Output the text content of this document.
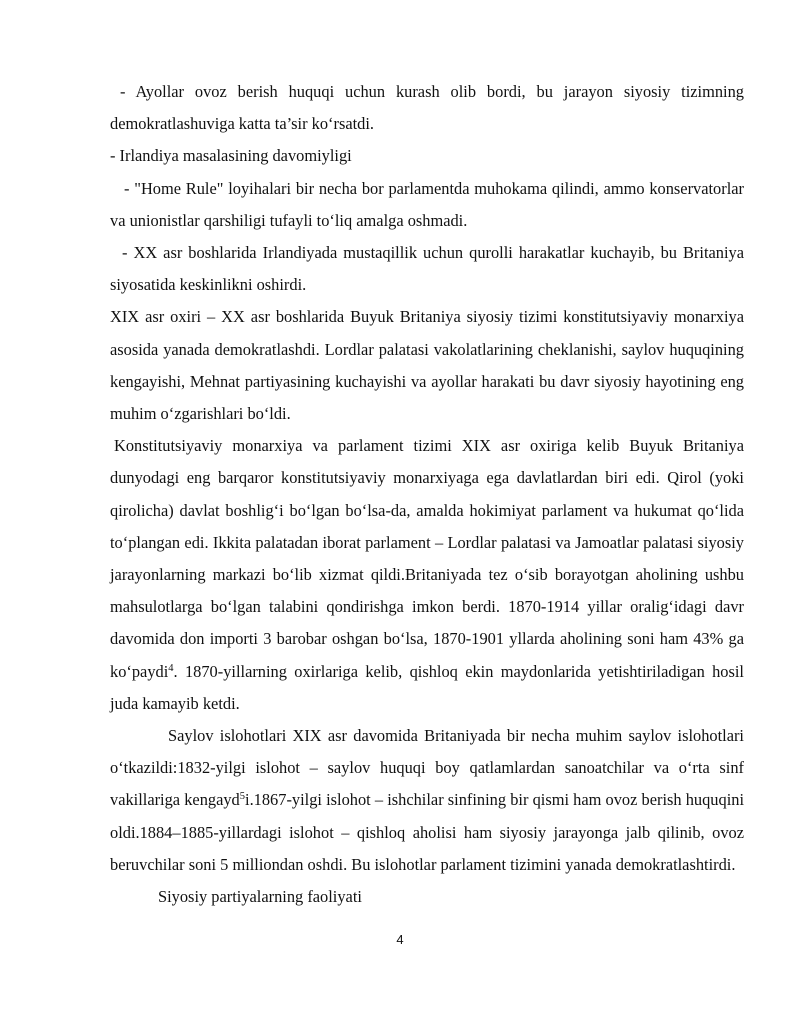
- Ayollar ovoz berish huquqi uchun kurash olib bordi, bu jarayon siyosiy tizimning demokratlashuviga katta ta’sir ko‘rsatdi.

- Irlandiya masalasining davomiyligi

- "Home Rule" loyihalari bir necha bor parlamentda muhokama qilindi, ammo konservatorlar va unionistlar qarshiligi tufayli to‘liq amalga oshmadi.

- XX asr boshlarida Irlandiyada mustaqillik uchun qurolli harakatlar kuchayib, bu Britaniya siyosatida keskinlikni oshirdi.

XIX asr oxiri – XX asr boshlarida Buyuk Britaniya siyosiy tizimi konstitutsiyaviy monarxiya asosida yanada demokratlashdi. Lordlar palatasi vakolatlarining cheklanishi, saylov huquqining kengayishi, Mehnat partiyasining kuchayishi va ayollar harakati bu davr siyosiy hayotining eng muhim o‘zgarishlari bo‘ldi.

Konstitutsiyaviy monarxiya va parlament tizimi XIX asr oxiriga kelib Buyuk Britaniya dunyodagi eng barqaror konstitutsiyaviy monarxiyaga ega davlatlardan biri edi. Qirol (yoki qirolicha) davlat boshlig‘i bo‘lgan bo‘lsa-da, amalda hokimiyat parlament va hukumat qo‘lida to‘plangan edi. Ikkita palatadan iborat parlament – Lordlar palatasi va Jamoatlar palatasi siyosiy jarayonlarning markazi bo‘lib xizmat qildi.Britaniyada tez o‘sib borayotgan aholining ushbu mahsulotlarga bo‘lgan talabini qondirishga imkon berdi. 1870-1914 yillar oralig‘idagi davr davomida don importi 3 barobar oshgan bo‘lsa, 1870-1901 yllarda aholining soni ham 43% ga ko‘paydi$^4$. 1870-yillarning oxirlariga kelib, qishloq ekin maydonlarida yetishtiriladigan hosil juda kamayib ketdi.

Saylov islohotlari XIX asr davomida Britaniyada bir necha muhim saylov islohotlari o‘tkazildi:1832-yilgi islohot – saylov huquqi boy qatlamlardan sanoatchilar va o‘rta sinf vakillariga kengayd$^5$i.1867-yilgi islohot – ishchilar sinfining bir qismi ham ovoz berish huquqini oldi.1884–1885-yillardagi islohot – qishloq aholisi ham siyosiy jarayonga jalb qilinib, ovoz beruvchilar soni 5 milliondan oshdi. Bu islohotlar parlament tizimini yanada demokratlashtirdi.

Siyosiy partiyalarning faoliyati

4
